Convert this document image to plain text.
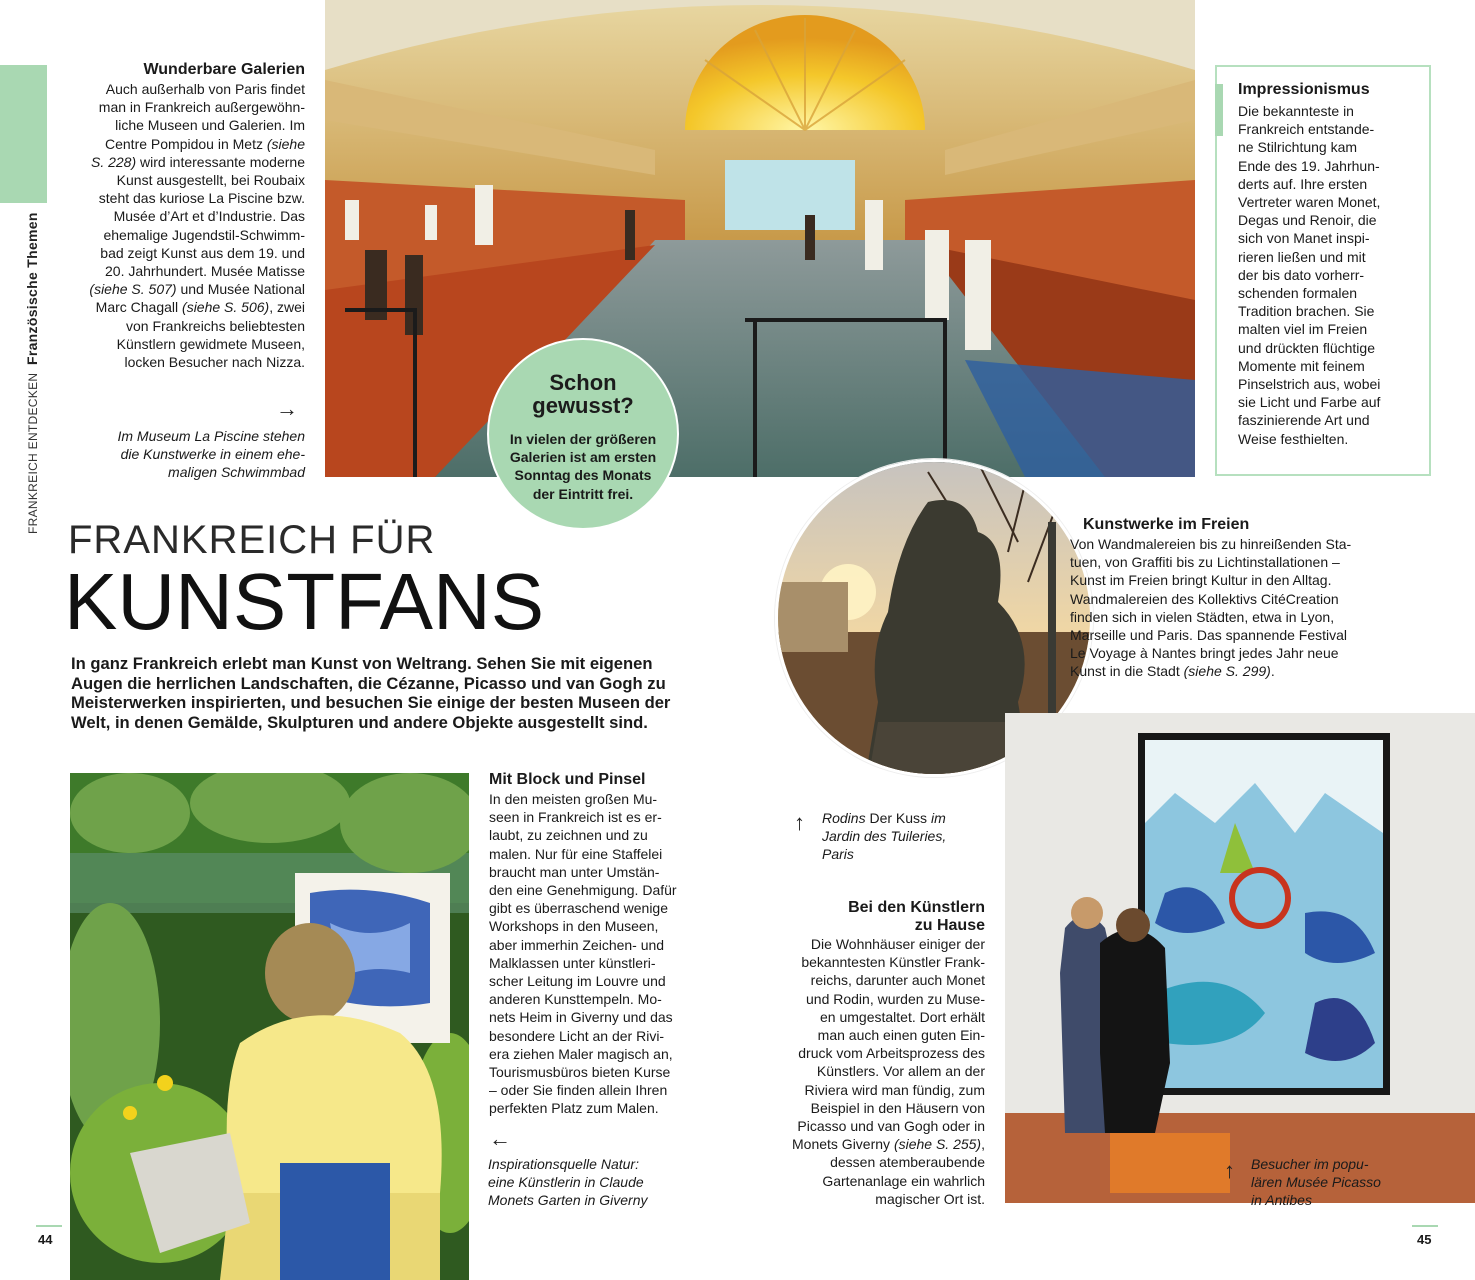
FRANKREICH ENTDECKEN Französische Themen
Wunderbare Galerien
Auch außerhalb von Paris findet
man in Frankreich außergewöhn-
liche Museen und Galerien. Im
Centre Pompidou in Metz (siehe
S. 228) wird interessante moderne
Kunst ausgestellt, bei Roubaix
steht das kuriose La Piscine bzw.
Musée d’Art et d’Industrie. Das
ehemalige Jugendstil-Schwimm-
bad zeigt Kunst aus dem 19. und
20. Jahrhundert. Musée Matisse
(siehe S. 507) und Musée National
Marc Chagall (siehe S. 506), zwei
von Frankreichs beliebtesten
Künstlern gewidmete Museen,
locken Besucher nach Nizza.
→
Im Museum La Piscine stehen
die Kunstwerke in einem ehe-
maligen Schwimmbad
Schon
gewusst?
In vielen der größeren
Galerien ist am ersten
Sonntag des Monats
der Eintritt frei.
Impressionismus
Die bekannteste in
Frankreich entstande-
ne Stilrichtung kam
Ende des 19. Jahrhun-
derts auf. Ihre ersten
Vertreter waren Monet,
Degas und Renoir, die
sich von Manet inspi-
rieren ließen und mit
der bis dato vorherr-
schenden formalen
Tradition brachen. Sie
malten viel im Freien
und drückten flüchtige
Momente mit feinem
Pinselstrich aus, wobei
sie Licht und Farbe auf
faszinierende Art und
Weise festhielten.
FRANKREICH FÜR
KUNSTFANS
In ganz Frankreich erlebt man Kunst von Weltrang. Sehen Sie mit eigenen Augen die herrlichen Landschaften, die Cézanne, Picasso und van Gogh zu Meisterwerken inspirierten, und besuchen Sie einige der besten Museen der Welt, in denen Gemälde, Skulpturen und andere Objekte ausgestellt sind.
Kunstwerke im Freien
Von Wandmalereien bis zu hinreißenden Sta-
tuen, von Graffiti bis zu Lichtinstallationen –
Kunst im Freien bringt Kultur in den Alltag.
Wandmalereien des Kollektivs CitéCreation
finden sich in vielen Städten, etwa in Lyon,
Marseille und Paris. Das spannende Festival
Le Voyage à Nantes bringt jedes Jahr neue
Kunst in die Stadt (siehe S. 299).
↑ Rodins Der Kuss im
Jardin des Tuileries,
Paris
Mit Block und Pinsel
In den meisten großen Mu-
seen in Frankreich ist es er-
laubt, zu zeichnen und zu
malen. Nur für eine Staffelei
braucht man unter Umstän-
den eine Genehmigung. Dafür
gibt es überraschend wenige
Workshops in den Museen,
aber immerhin Zeichen- und
Malklassen unter künstleri-
scher Leitung im Louvre und
anderen Kunsttempeln. Mo-
nets Heim in Giverny und das
besondere Licht an der Rivi-
era ziehen Maler magisch an,
Tourismusbüros bieten Kurse
– oder Sie finden allein Ihren
perfekten Platz zum Malen.
←
Inspirationsquelle Natur:
eine Künstlerin in Claude
Monets Garten in Giverny
Bei den Künstlern
zu Hause
Die Wohnhäuser einiger der
bekanntesten Künstler Frank-
reichs, darunter auch Monet
und Rodin, wurden zu Muse-
en umgestaltet. Dort erhält
man auch einen guten Ein-
druck vom Arbeitsprozess des
Künstlers. Vor allem an der
Riviera wird man fündig, zum
Beispiel in den Häusern von
Picasso und van Gogh oder in
Monets Giverny (siehe S. 255),
dessen atemberaubende
Gartenanlage ein wahrlich
magischer Ort ist.
↑ Besucher im popu-
lären Musée Picasso
in Antibes
44	45
